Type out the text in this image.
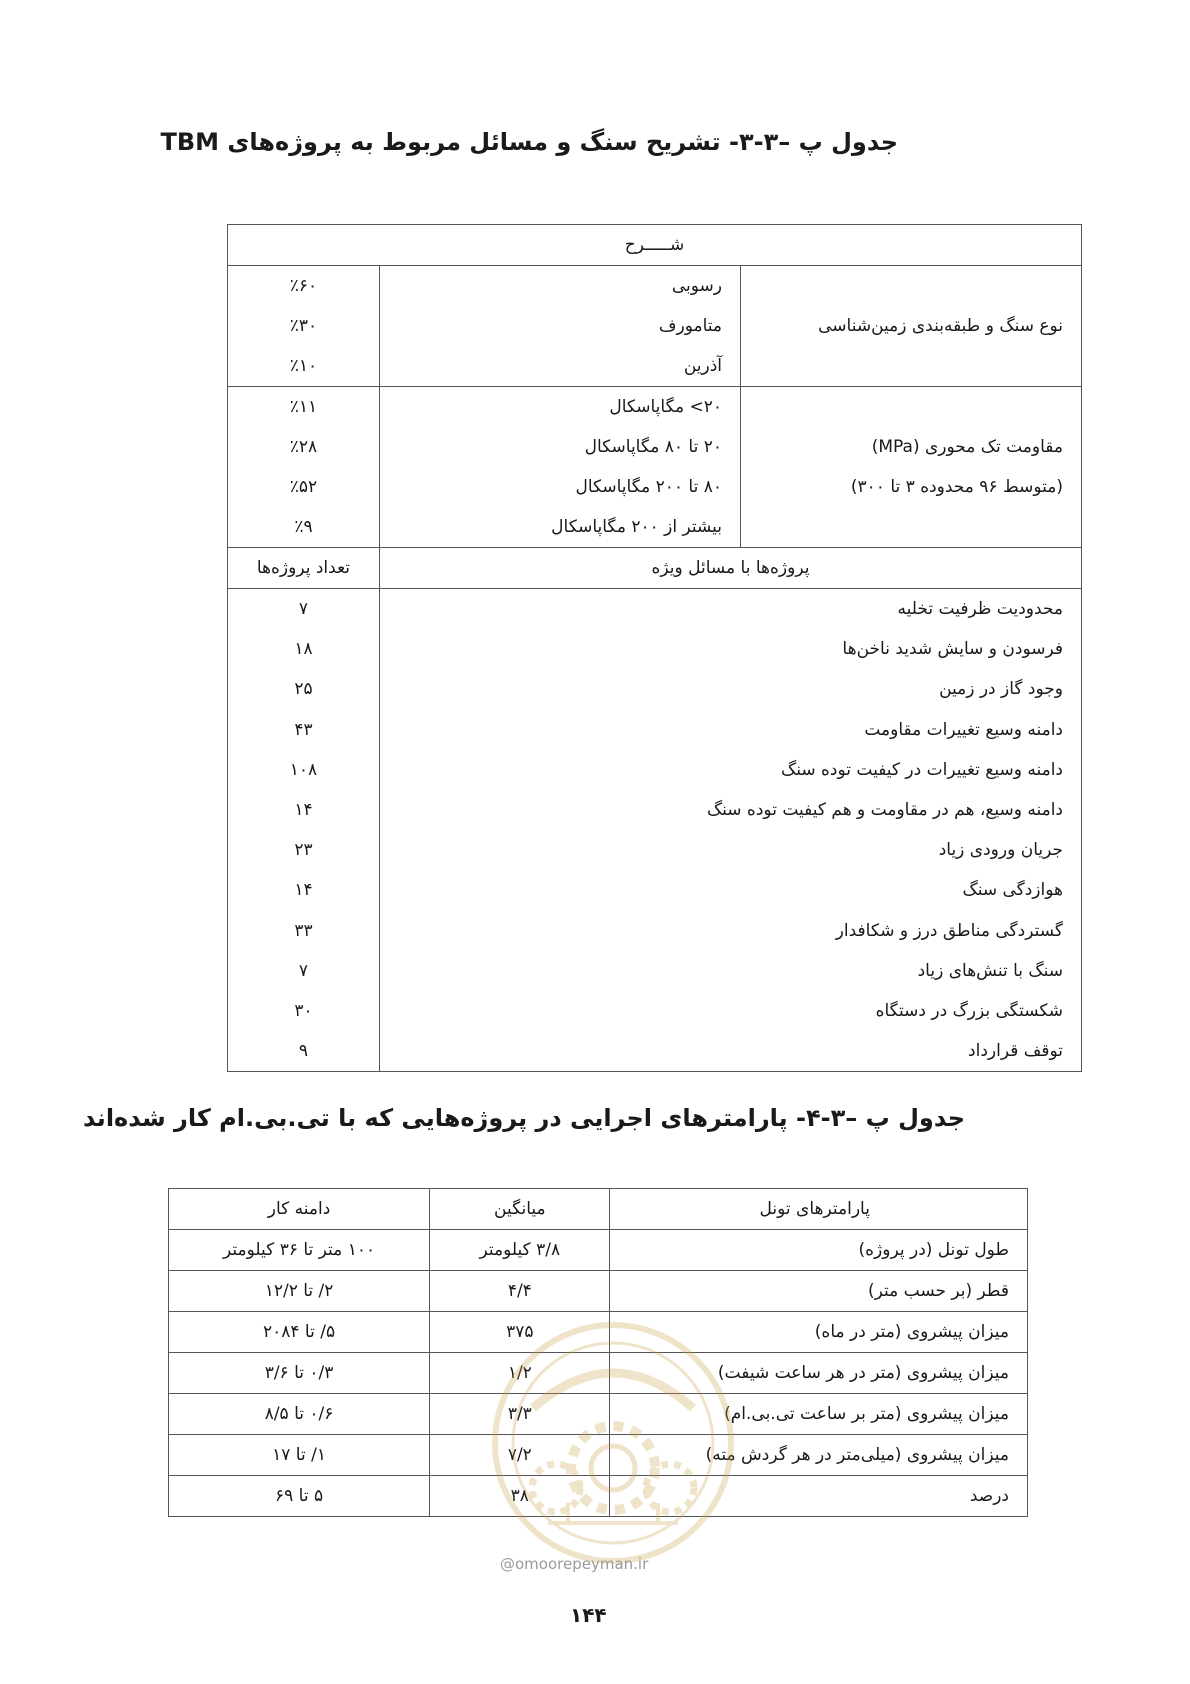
جدول پ –۳-۳- تشریح سنگ و مسائل مربوط به پروژه‌های TBM
شـــــرح		
نوع سنگ و طبقه‌بندی زمین‌شناسی	رسوبی	٪۶۰
	متامورف	٪۳۰
	آذرین	٪۱۰

مقاومت تک محوری (MPa)
(متوسط ۹۶ محدوده ۳ تا ۳۰۰)	۲۰> مگاپاسکال	٪۱۱
	۲۰ تا ۸۰ مگاپاسکال	٪۲۸
	۸۰ تا ۲۰۰ مگاپاسکال	٪۵۲
	بیشتر از ۲۰۰ مگاپاسکال	٪۹
پروژه‌ها با مسائل ویژه		تعداد پروژه‌ها
محدودیت ظرفیت تخلیه		۷
فرسودن و سایش شدید ناخن‌ها		۱۸
وجود گاز در زمین		۲۵
دامنه وسیع تغییرات مقاومت		۴۳
دامنه وسیع تغییرات در کیفیت توده سنگ		۱۰۸
دامنه وسیع، هم در مقاومت و هم کیفیت توده سنگ		۱۴
جریان ورودی زیاد		۲۳
هوازدگی سنگ		۱۴
گستردگی مناطق درز و شکافدار		۳۳
سنگ با تنش‌های زیاد		۷
شکستگی بزرگ در دستگاه		۳۰
توقف قرارداد		۹
جدول پ –۳-۴- پارامترهای اجرایی در پروژه‌هایی که با تی.بی.ام کار شده‌اند
پارامترهای تونل	میانگین	دامنه کار
طول تونل (در پروژه)	۳/۸ کیلومتر	۱۰۰ متر تا ۳۶ کیلومتر
قطر (بر حسب متر)	۴/۴	۲/ تا ۱۲/۲
میزان پیشروی (متر در ماه)	۳۷۵	۵/ تا ۲۰۸۴
میزان پیشروی (متر در هر ساعت شیفت)	۱/۲	۰/۳ تا ۳/۶
میزان پیشروی (متر بر ساعت تی.بی.ام)	۳/۳	۰/۶ تا ۸/۵
میزان پیشروی (میلی‌متر در هر گردش مته)	۷/۲	۱/ تا ۱۷
درصد	۳۸	۵ تا ۶۹
@omoorepeyman.ir
۱۴۴
